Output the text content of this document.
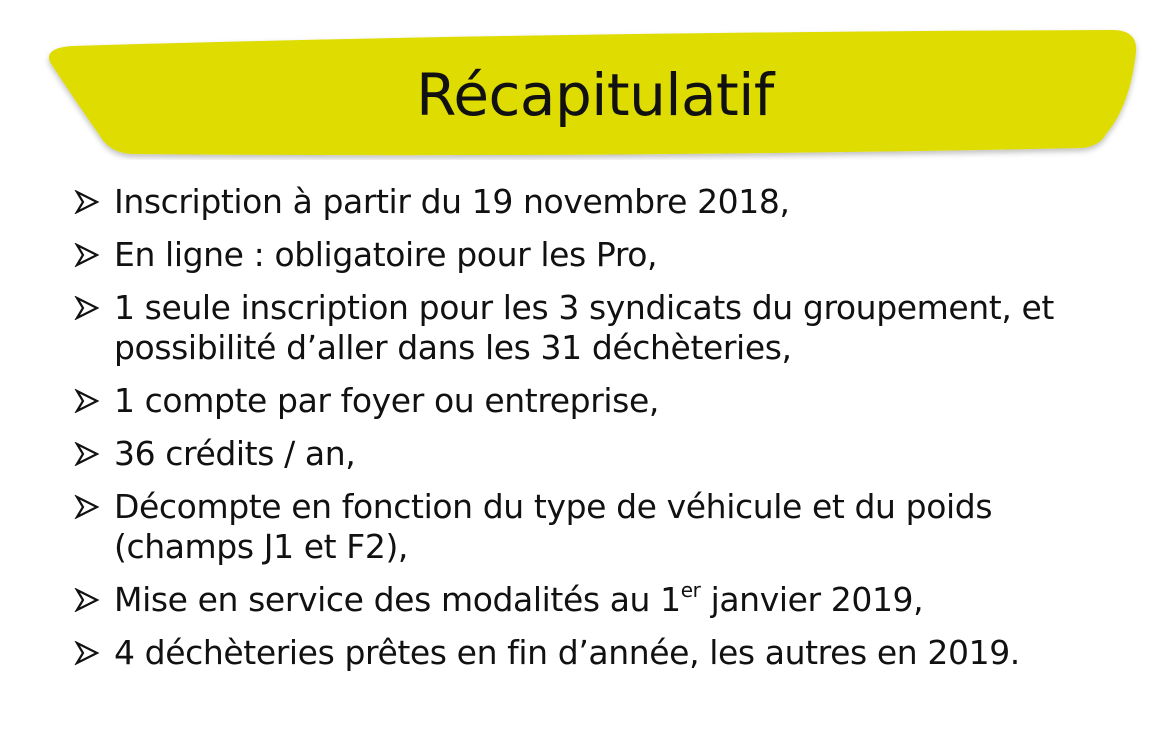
Récapitulatif
Inscription à partir du 19 novembre 2018,
En ligne : obligatoire pour les Pro,
1 seule inscription pour les 3 syndicats du groupement, et
possibilité d’aller dans les 31 déchèteries,
1 compte par foyer ou entreprise,
36 crédits / an,
Décompte en fonction du type de véhicule et du poids
(champs J1 et F2),
Mise en service des modalités au 1er janvier 2019,
4 déchèteries prêtes en fin d’année, les autres en 2019.
